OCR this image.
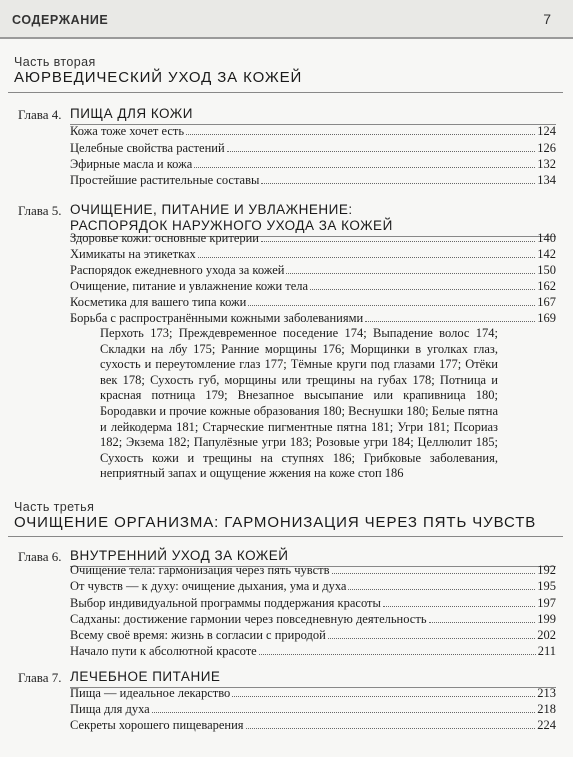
СОДЕРЖАНИЕ	7
Часть вторая
АЮРВЕДИЧЕСКИЙ УХОД ЗА КОЖЕЙ
Глава 4. ПИЩА ДЛЯ КОЖИ
Кожа тоже хочет есть	124
Целебные свойства растений	126
Эфирные масла и кожа	132
Простейшие растительные составы	134
Глава 5. ОЧИЩЕНИЕ, ПИТАНИЕ И УВЛАЖНЕНИЕ:
РАСПОРЯДОК НАРУЖНОГО УХОДА ЗА КОЖЕЙ
Здоровье кожи: основные критерии	140
Химикаты на этикетках	142
Распорядок ежедневного ухода за кожей	150
Очищение, питание и увлажнение кожи тела	162
Косметика для вашего типа кожи	167
Борьба с распространёнными кожными заболеваниями	169
Перхоть 173; Преждевременное поседение 174; Выпадение волос 174; Складки на лбу 175; Ранние морщины 176; Морщинки в уголках глаз, сухость и переутомление глаз 177; Тёмные круги под глазами 177; Отёки век 178; Сухость губ, морщины или трещины на губах 178; Потница и красная потница 179; Внезапное высыпание или крапивница 180; Бородавки и прочие кожные образования 180; Веснушки 180; Белые пятна и лейкодерма 181; Старческие пигментные пятна 181; Угри 181; Псориаз 182; Экзема 182; Папулёзные угри 183; Розовые угри 184; Целлюлит 185; Сухость кожи и трещины на ступнях 186; Грибковые заболевания, неприятный запах и ощущение жжения на коже стоп 186
Часть третья
ОЧИЩЕНИЕ ОРГАНИЗМА: ГАРМОНИЗАЦИЯ ЧЕРЕЗ ПЯТЬ ЧУВСТВ
Глава 6. ВНУТРЕННИЙ УХОД ЗА КОЖЕЙ
Очищение тела: гармонизация через пять чувств	192
От чувств — к духу: очищение дыхания, ума и духа	195
Выбор индивидуальной программы поддержания красоты	197
Садханы: достижение гармонии через повседневную деятельность	199
Всему своё время: жизнь в согласии с природой	202
Начало пути к абсолютной красоте	211
Глава 7. ЛЕЧЕБНОЕ ПИТАНИЕ
Пища — идеальное лекарство	213
Пища для духа	218
Секреты хорошего пищеварения	224
